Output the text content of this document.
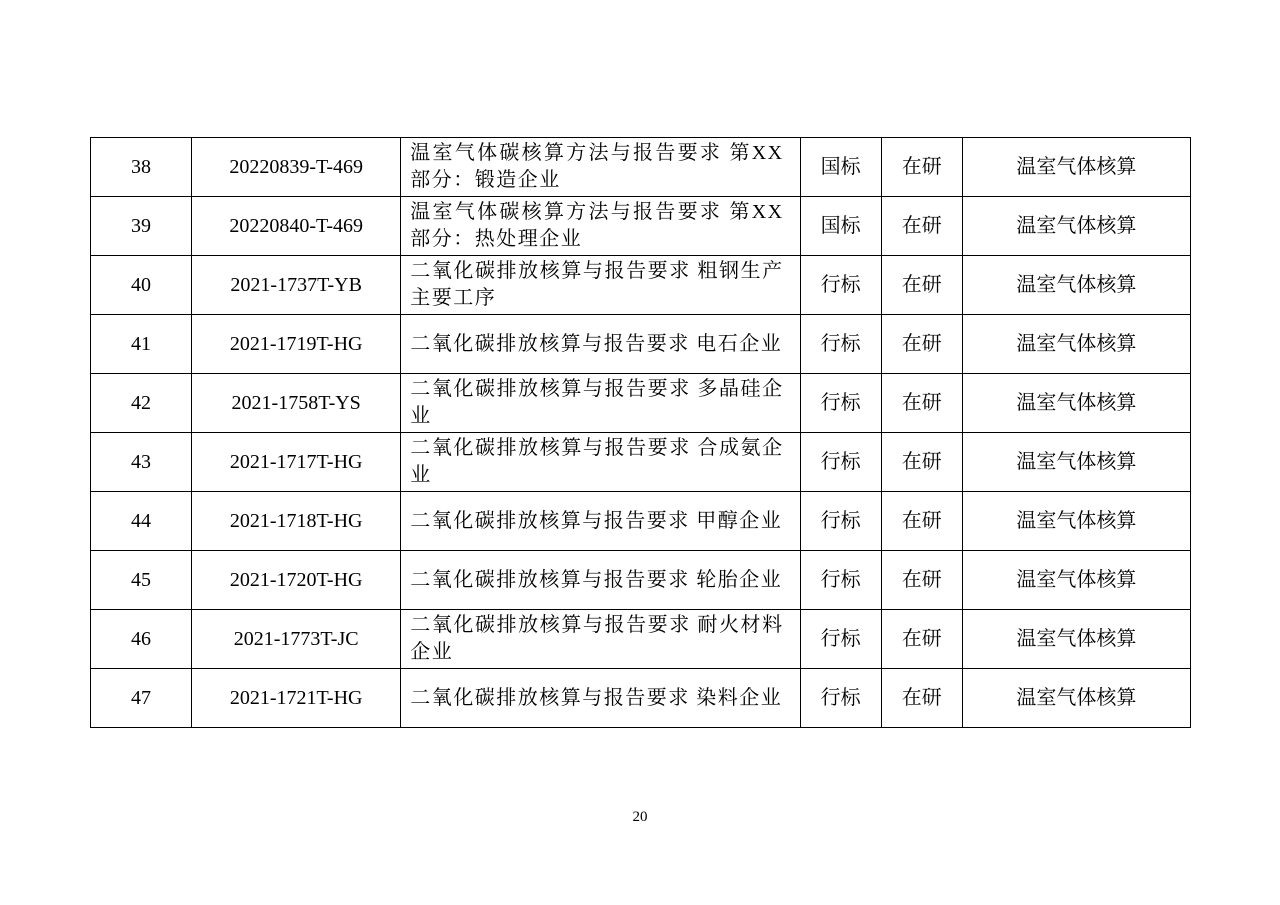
38	20220839-T-469	温室气体碳核算方法与报告要求 第XX部分：锻造企业	国标	在研	温室气体核算
39	20220840-T-469	温室气体碳核算方法与报告要求 第XX部分：热处理企业	国标	在研	温室气体核算
40	2021-1737T-YB	二氧化碳排放核算与报告要求 粗钢生产主要工序	行标	在研	温室气体核算
41	2021-1719T-HG	二氧化碳排放核算与报告要求 电石企业	行标	在研	温室气体核算
42	2021-1758T-YS	二氧化碳排放核算与报告要求 多晶硅企业	行标	在研	温室气体核算
43	2021-1717T-HG	二氧化碳排放核算与报告要求 合成氨企业	行标	在研	温室气体核算
44	2021-1718T-HG	二氧化碳排放核算与报告要求 甲醇企业	行标	在研	温室气体核算
45	2021-1720T-HG	二氧化碳排放核算与报告要求 轮胎企业	行标	在研	温室气体核算
46	2021-1773T-JC	二氧化碳排放核算与报告要求 耐火材料企业	行标	在研	温室气体核算
47	2021-1721T-HG	二氧化碳排放核算与报告要求 染料企业	行标	在研	温室气体核算
20
